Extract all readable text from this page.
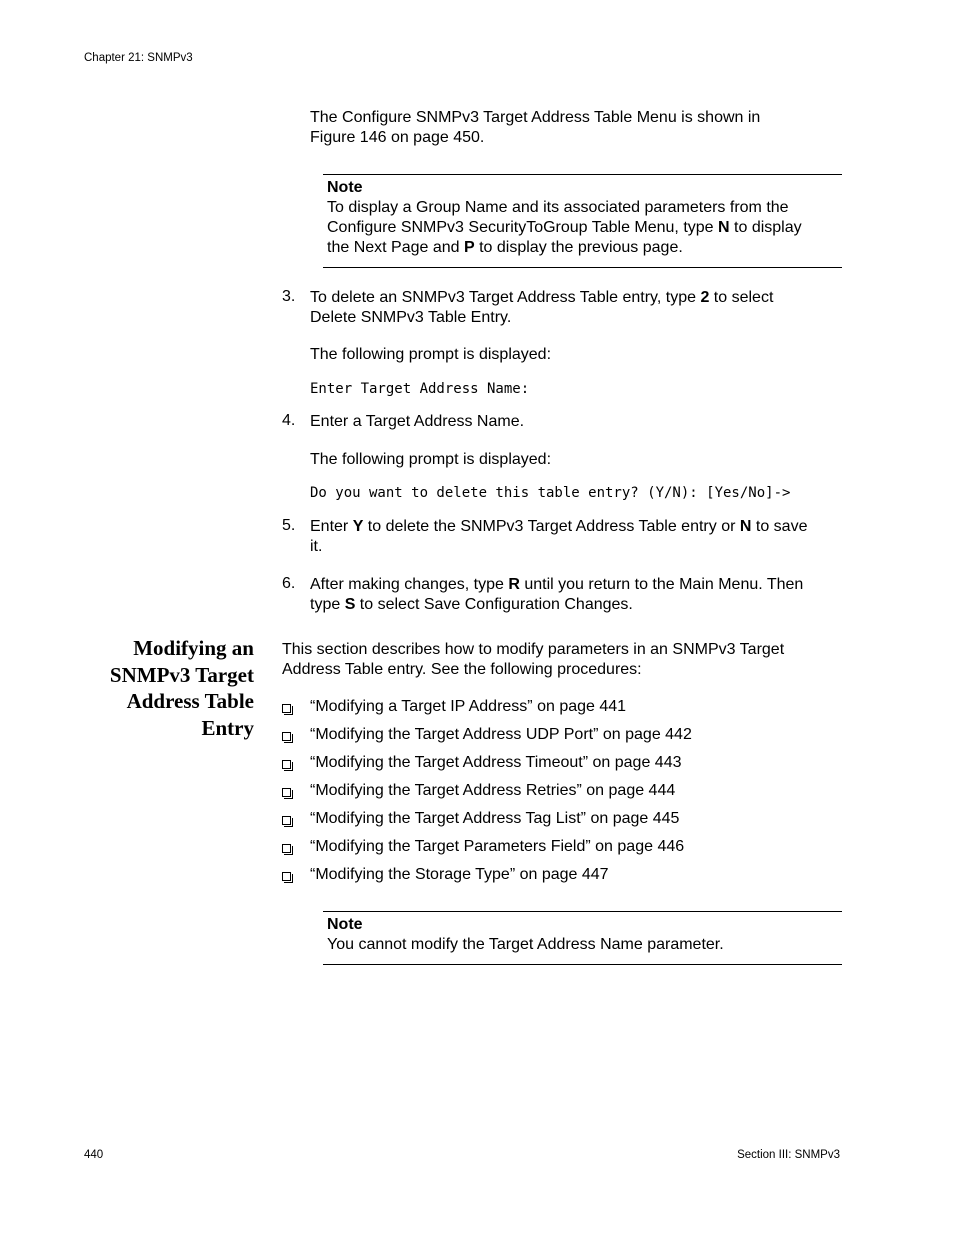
Chapter 21: SNMPv3
The Configure SNMPv3 Target Address Table Menu is shown in
Figure 146 on page 450.
Note
To display a Group Name and its associated parameters from the
Configure SNMPv3 SecurityToGroup Table Menu, type N to display
the Next Page and P to display the previous page.
3. To delete an SNMPv3 Target Address Table entry, type 2 to select
Delete SNMPv3 Table Entry.
The following prompt is displayed:
Enter Target Address Name:
4. Enter a Target Address Name.
The following prompt is displayed:
Do you want to delete this table entry? (Y/N): [Yes/No]->
5. Enter Y to delete the SNMPv3 Target Address Table entry or N to save
it.
6. After making changes, type R until you return to the Main Menu. Then
type S to select Save Configuration Changes.
Modifying an
SNMPv3 Target
Address Table
Entry
This section describes how to modify parameters in an SNMPv3 Target
Address Table entry. See the following procedures:
“Modifying a Target IP Address” on page 441
“Modifying the Target Address UDP Port” on page 442
“Modifying the Target Address Timeout” on page 443
“Modifying the Target Address Retries” on page 444
“Modifying the Target Address Tag List” on page 445
“Modifying the Target Parameters Field” on page 446
“Modifying the Storage Type” on page 447
Note
You cannot modify the Target Address Name parameter.
440	Section III: SNMPv3
